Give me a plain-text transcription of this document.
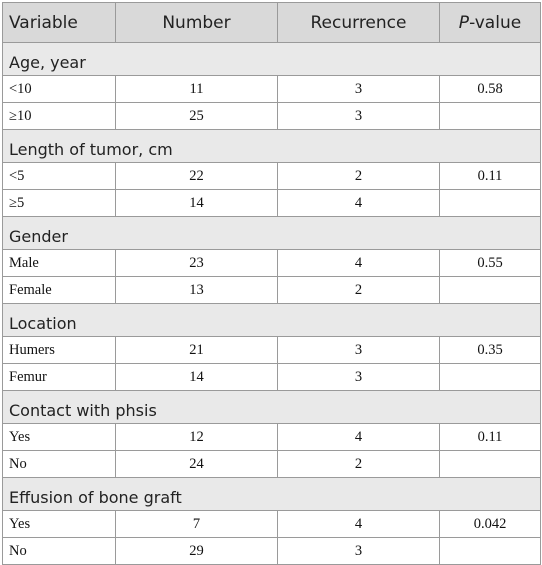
Variable	Number	Recurrence	P-value
Age, year			
<10	11	3	0.58
≥10	25	3	
Length of tumor, cm			
<5	22	2	0.11
≥5	14	4	
Gender			
Male	23	4	0.55
Female	13	2	
Location			
Humers	21	3	0.35
Femur	14	3	
Contact with phsis			
Yes	12	4	0.11
No	24	2	
Effusion of bone graft			
Yes	7	4	0.042
No	29	3	
